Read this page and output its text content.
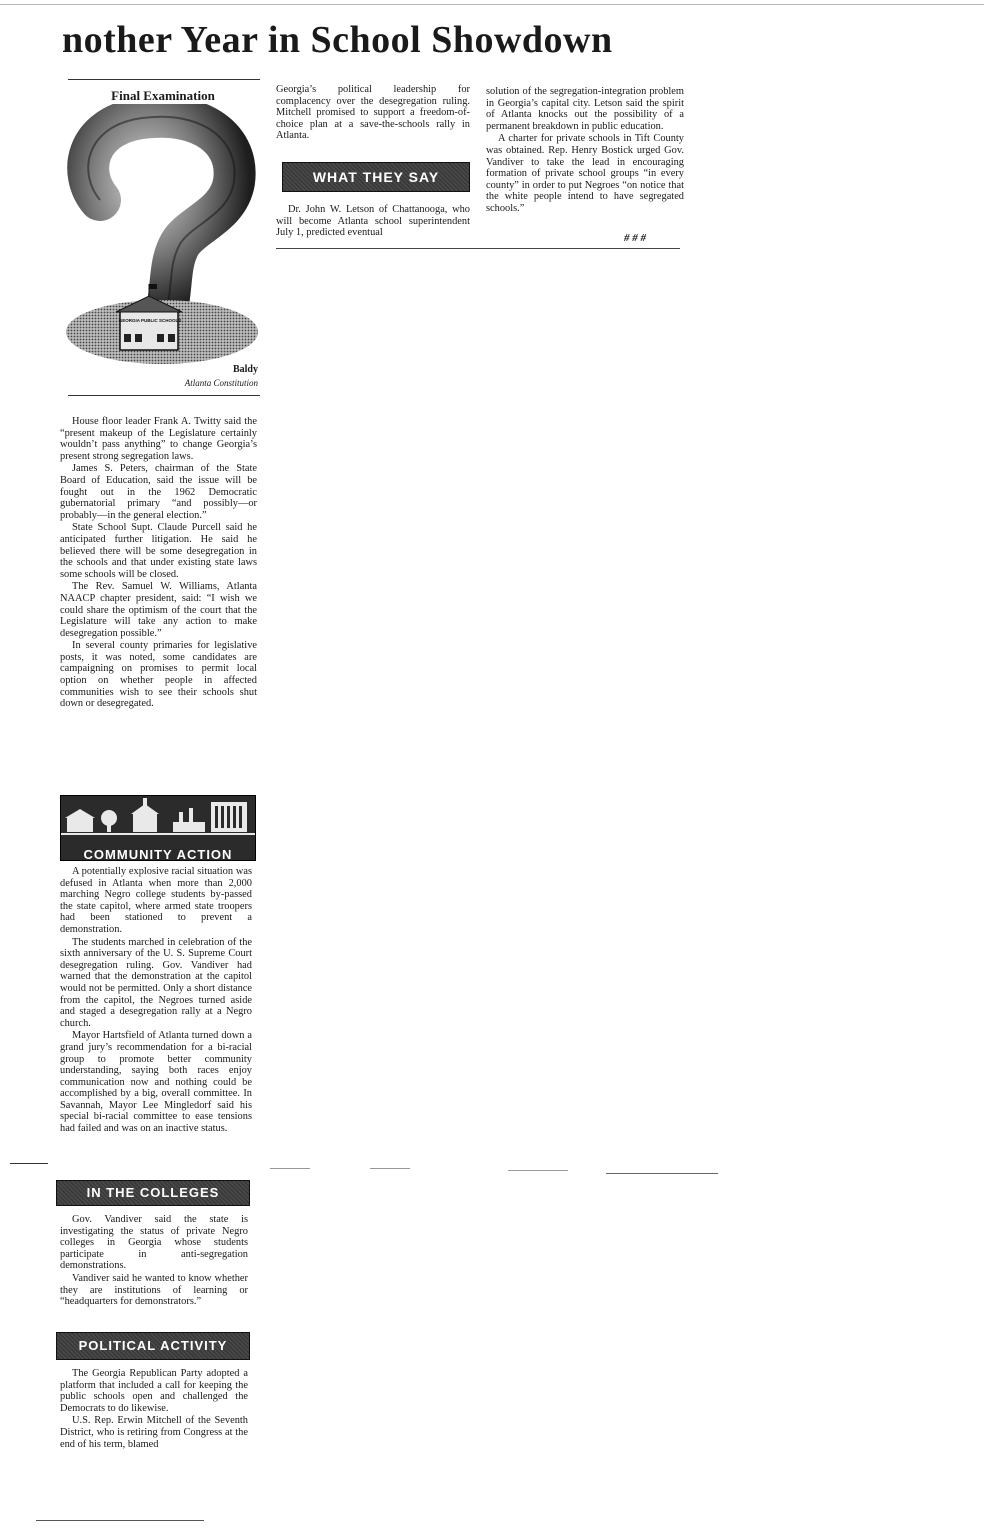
nother Year in School Showdown
Final Examination
1 YEAR
GEORGIA PUBLIC SCHOOLS
Baldy
Atlanta Constitution

House floor leader Frank A. Twitty said the “present makeup of the Legislature certainly wouldn’t pass anything” to change Georgia’s present strong segregation laws.

James S. Peters, chairman of the State Board of Education, said the issue will be fought out in the 1962 Democratic gubernatorial primary “and possibly—or probably—in the general election.”

State School Supt. Claude Purcell said he anticipated further litigation. He said he believed there will be some desegregation in the schools and that under existing state laws some schools will be closed.

The Rev. Samuel W. Williams, Atlanta NAACP chapter president, said: “I wish we could share the optimism of the court that the Legislature will take any action to make desegregation possible.”

In several county primaries for legislative posts, it was noted, some candidates are campaigning on promises to permit local option on whether people in affected communities wish to see their schools shut down or desegregated.

COMMUNITY ACTION

A potentially explosive racial situation was defused in Atlanta when more than 2,000 marching Negro college students by-passed the state capitol, where armed state troopers had been stationed to prevent a demonstration.

The students marched in celebration of the sixth anniversary of the U. S. Supreme Court desegregation ruling. Gov. Vandiver had warned that the demonstration at the capitol would not be permitted. Only a short distance from the capitol, the Negroes turned aside and staged a desegregation rally at a Negro church.

Mayor Hartsfield of Atlanta turned down a grand jury’s recommendation for a bi-racial group to promote better community understanding, saying both races enjoy communication now and nothing could be accomplished by a big, overall committee. In Savannah, Mayor Lee Mingledorf said his special bi-racial committee to ease tensions had failed and was on an inactive status.

IN THE COLLEGES

Gov. Vandiver said the state is investigating the status of private Negro colleges in Georgia whose students participate in anti-segregation demonstrations.

Vandiver said he wanted to know whether they are institutions of learning or “headquarters for demonstrators.”

POLITICAL ACTIVITY

The Georgia Republican Party adopted a platform that included a call for keeping the public schools open and challenged the Democrats to do likewise.

U.S. Rep. Erwin Mitchell of the Seventh District, who is retiring from Congress at the end of his term, blamed

Georgia’s political leadership for complacency over the desegregation ruling. Mitchell promised to support a freedom-of-choice plan at a save-the-schools rally in Atlanta.

WHAT THEY SAY

Dr. John W. Letson of Chattanooga, who will become Atlanta school superintendent July 1, predicted eventual

solution of the segregation-integration problem in Georgia’s capital city. Letson said the spirit of Atlanta knocks out the possibility of a permanent breakdown in public education.

A charter for private schools in Tift County was obtained. Rep. Henry Bostick urged Gov. Vandiver to take the lead in encouraging formation of private school groups “in every county” in order to put Negroes “on notice that the white people intend to have segregated schools.”

# # #
